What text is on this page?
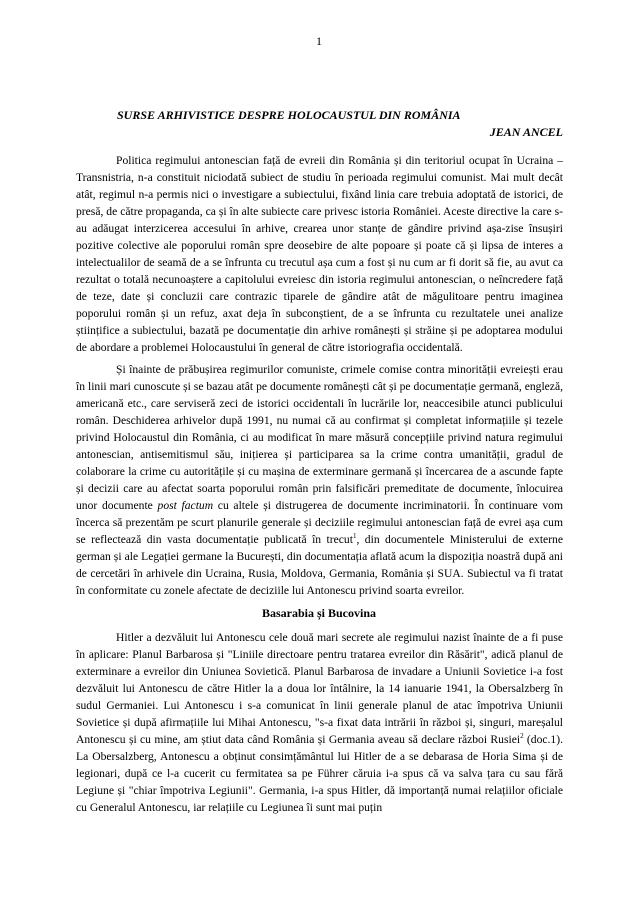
1
SURSE ARHIVISTICE DESPRE HOLOCAUSTUL DIN ROMÂNIA
JEAN ANCEL

Politica regimului antonescian față de evreii din România și din teritoriul ocupat în Ucraina – Transnistria, n-a constituit niciodată subiect de studiu în perioada regimului comunist. Mai mult decât atât, regimul n-a permis nici o investigare a subiectului, fixând linia care trebuia adoptată de istorici, de presă, de către propaganda, ca și în alte subiecte care privesc istoria României. Aceste directive la care s-au adăugat interzicerea accesului în arhive, crearea unor stanțe de gândire privind așa-zise însușiri pozitive colective ale poporului român spre deosebire de alte popoare și poate că și lipsa de interes a intelectualilor de seamă de a se înfrunta cu trecutul așa cum a fost și nu cum ar fi dorit să fie, au avut ca rezultat o totală necunoaștere a capitolului evreiesc din istoria regimului antonescian, o neîncredere față de teze, date și concluzii care contrazic tiparele de gândire atât de măgulitoare pentru imaginea poporului român și un refuz, axat deja în subconștient, de a se înfrunta cu rezultatele unei analize științifice a subiectului, bazată pe documentație din arhive românești și străine și pe adoptarea modului de abordare a problemei Holocaustului în general de către istoriografia occidentală.

Și înainte de prăbușirea regimurilor comuniste, crimele comise contra minorității evreiești erau în linii mari cunoscute și se bazau atât pe documente românești cât și pe documentație germană, engleză, americană etc., care serviseră zeci de istorici occidentali în lucrările lor, neaccesibile atunci publicului român. Deschiderea arhivelor după 1991, nu numai că au confirmat și completat informațiile și tezele privind Holocaustul din România, ci au modificat în mare măsură concepțiile privind natura regimului antonescian, antisemitismul său, inițierea și participarea sa la crime contra umanității, gradul de colaborare la crime cu autoritățile și cu mașina de exterminare germană și încercarea de a ascunde fapte și decizii care au afectat soarta poporului român prin falsificări premeditate de documente, înlocuirea unor documente post factum cu altele și distrugerea de documente incriminatorii. În continuare vom încerca să prezentăm pe scurt planurile generale și deciziile regimului antonescian față de evrei așa cum se reflectează din vasta documentație publicată în trecut$^1$, din documentele Ministerului de externe german și ale Legației germane la București, din documentația aflată acum la dispoziția noastră după ani de cercetări în arhivele din Ucraina, Rusia, Moldova, Germania, România și SUA. Subiectul va fi tratat în conformitate cu zonele afectate de deciziile lui Antonescu privind soarta evreilor.

Basarabia și Bucovina

Hitler a dezvăluit lui Antonescu cele două mari secrete ale regimului nazist înainte de a fi puse în aplicare: Planul Barbarosa și "Liniile directoare pentru tratarea evreilor din Răsărit", adică planul de exterminare a evreilor din Uniunea Sovietică. Planul Barbarosa de invadare a Uniunii Sovietice i-a fost dezvăluit lui Antonescu de către Hitler la a doua lor întâlnire, la 14 ianuarie 1941, la Obersalzberg în sudul Germaniei. Lui Antonescu i s-a comunicat în linii generale planul de atac împotriva Uniunii Sovietice și după afirmațiile lui Mihai Antonescu, "s-a fixat data intrării în război și, singuri, mareșalul Antonescu și cu mine, am știut data când România și Germania aveau să declare război Rusiei$^2$ (doc.1). La Obersalzberg, Antonescu a obținut consimțământul lui Hitler de a se debarasa de Horia Sima și de legionari, după ce l-a cucerit cu fermitatea sa pe Führer căruia i-a spus că va salva țara cu sau fără Legiune și "chiar împotriva Legiunii". Germania, i-a spus Hitler, dă importanță numai relațiilor oficiale cu Generalul Antonescu, iar relațiile cu Legiunea îi sunt mai puțin
